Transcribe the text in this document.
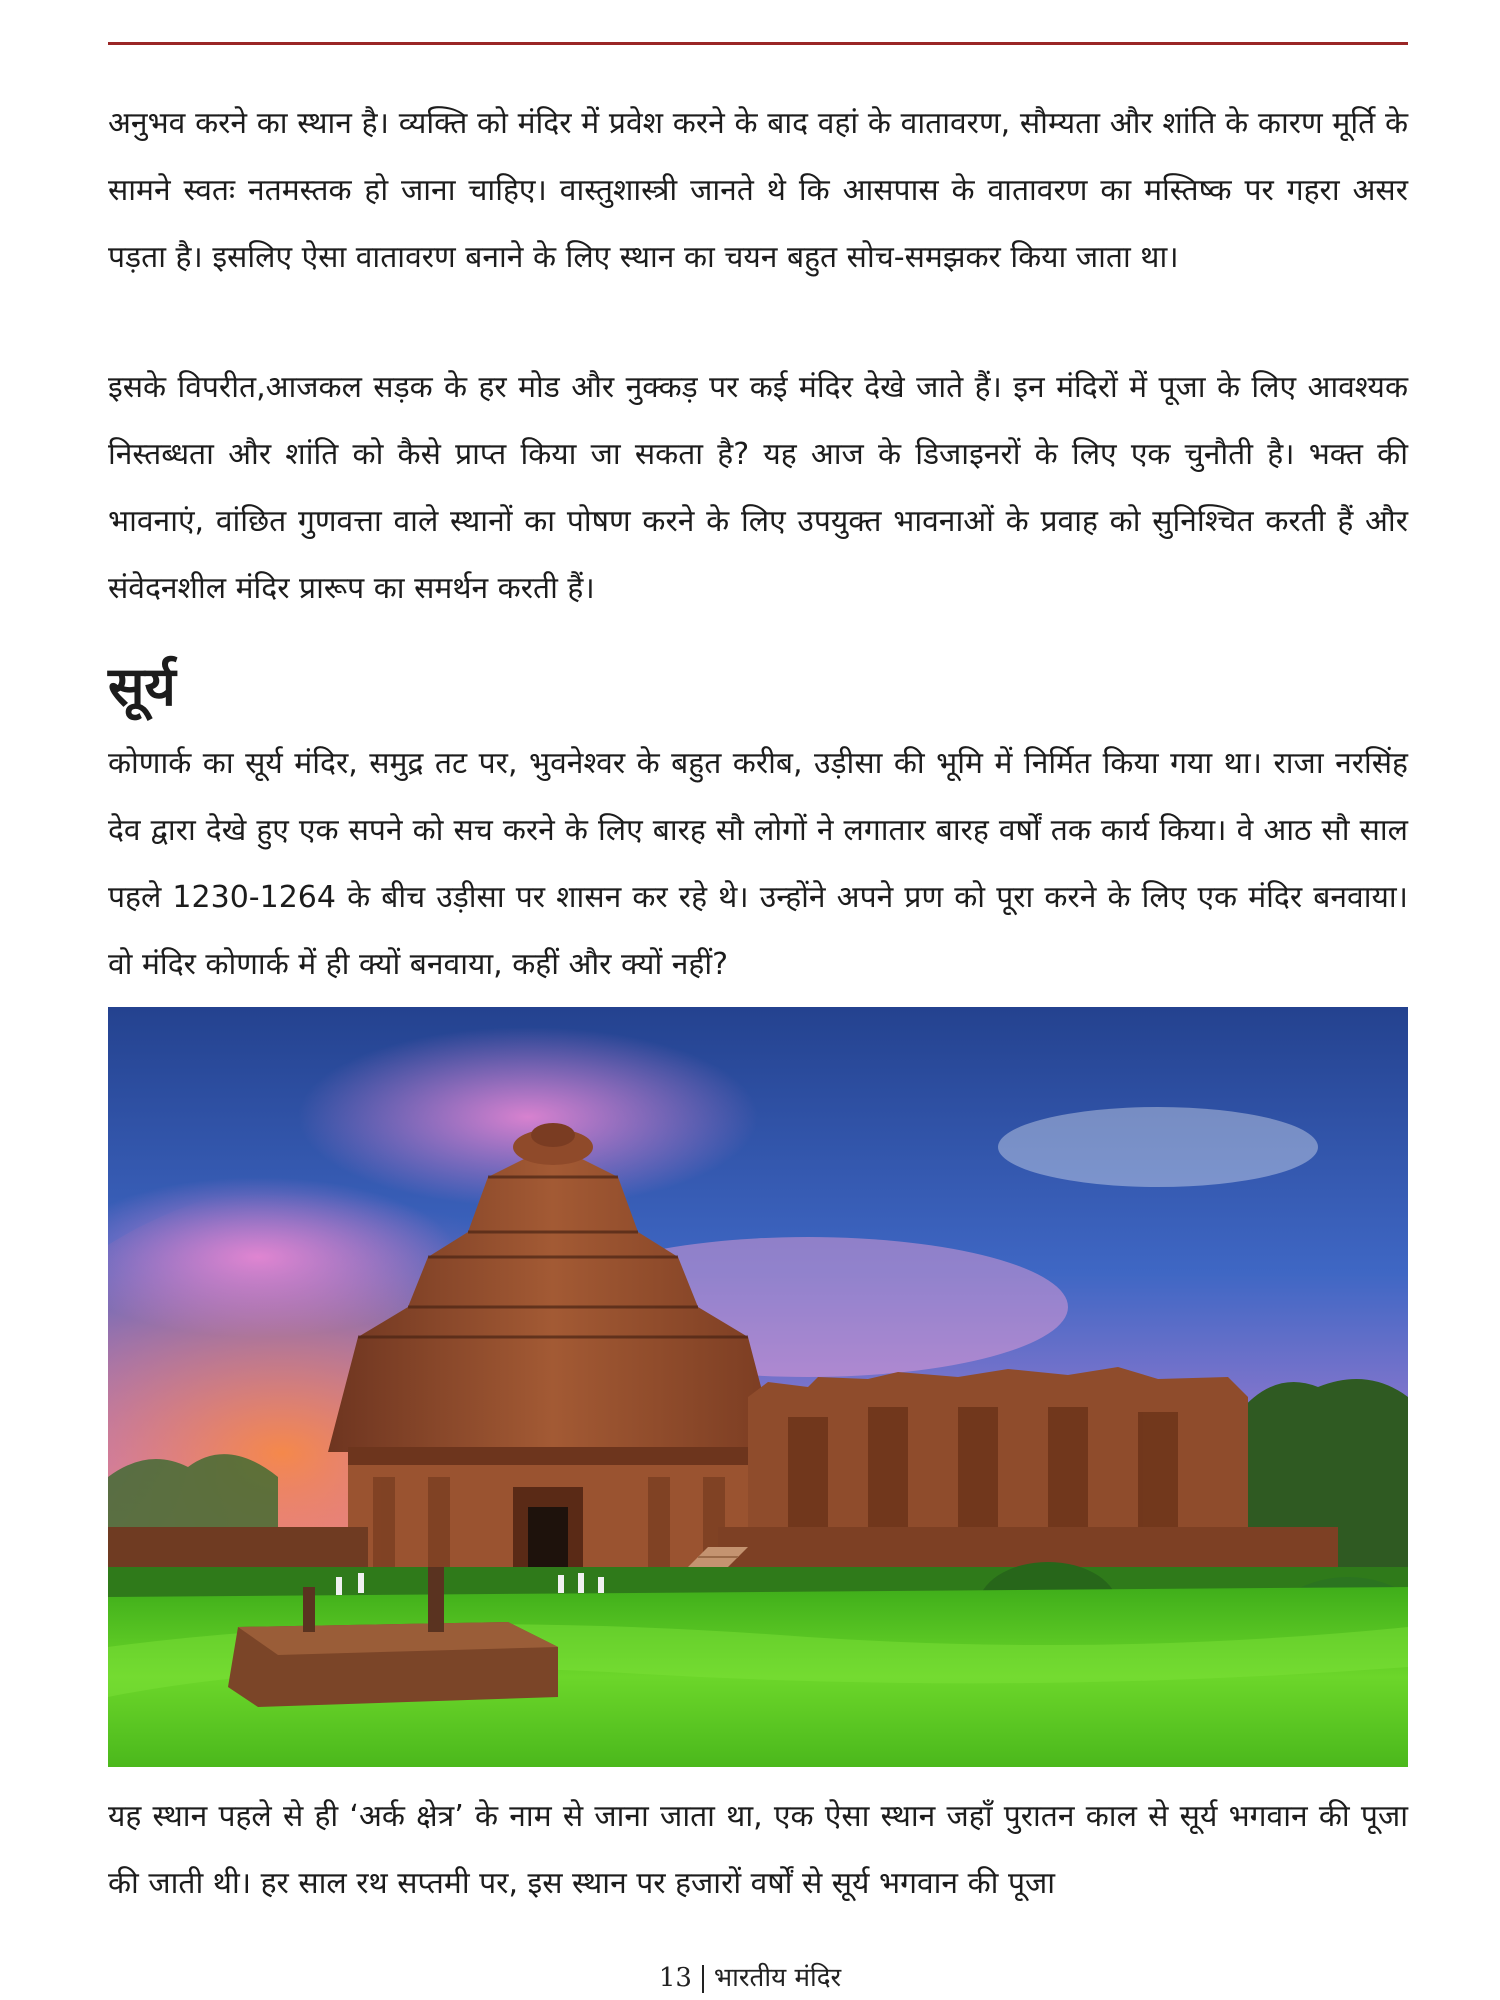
अनुभव करने का स्थान है। व्यक्ति को मंदिर में प्रवेश करने के बाद वहां के वातावरण, सौम्यता और शांति के कारण मूर्ति के सामने स्वतः नतमस्तक हो जाना चाहिए। वास्तुशास्त्री जानते थे कि आसपास के वातावरण का मस्तिष्क पर गहरा असर पड़ता है। इसलिए ऐसा वातावरण बनाने के लिए स्थान का चयन बहुत सोच-समझकर किया जाता था।

इसके विपरीत,आजकल सड़क के हर मोड और नुक्कड़ पर कई मंदिर देखे जाते हैं। इन मंदिरों में पूजा के लिए आवश्यक निस्तब्धता और शांति को कैसे प्राप्त किया जा सकता है? यह आज के डिजाइनरों के लिए एक चुनौती है। भक्त की भावनाएं, वांछित गुणवत्ता वाले स्थानों का पोषण करने के लिए उपयुक्त भावनाओं के प्रवाह को सुनिश्चित करती हैं और संवेदनशील मंदिर प्रारूप का समर्थन करती हैं।

सूर्य

कोणार्क का सूर्य मंदिर, समुद्र तट पर, भुवनेश्वर के बहुत करीब, उड़ीसा की भूमि में निर्मित किया गया था। राजा नरसिंह देव द्वारा देखे हुए एक सपने को सच करने के लिए बारह सौ लोगों ने लगातार बारह वर्षों तक कार्य किया। वे आठ सौ साल पहले 1230-1264 के बीच उड़ीसा पर शासन कर रहे थे। उन्होंने अपने प्रण को पूरा करने के लिए एक मंदिर बनवाया। वो मंदिर कोणार्क में ही क्यों बनवाया, कहीं और क्यों नहीं?

यह स्थान पहले से ही ‘अर्क क्षेत्र’ के नाम से जाना जाता था, एक ऐसा स्थान जहाँ पुरातन काल से सूर्य भगवान की पूजा की जाती थी। हर साल रथ सप्तमी पर, इस स्थान पर हजारों वर्षों से सूर्य भगवान की पूजा

13 भारतीय मंदिर
